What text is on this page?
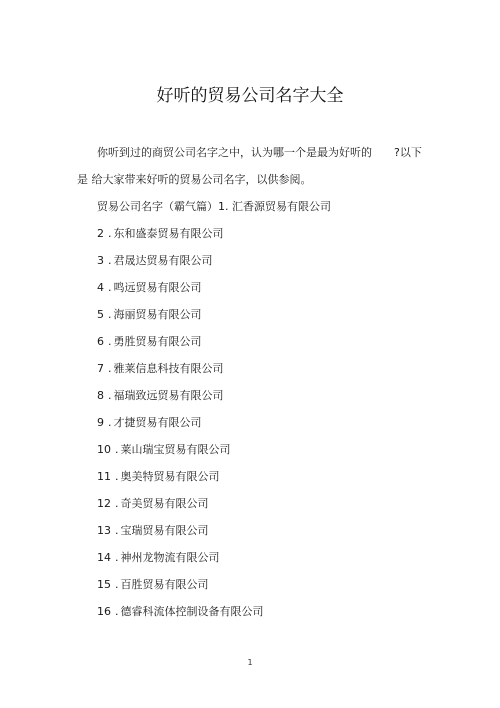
好听的贸易公司名字大全
你听到过的商贸公司名字之中，认为哪一个是最为好听的 ?以下
是 给大家带来好听的贸易公司名字，以供参阅。
贸易公司名字（霸气篇）1. 汇香源贸易有限公司
2 . 东和盛泰贸易有限公司
3 . 君晟达贸易有限公司
4 . 鸣远贸易有限公司
5 . 海丽贸易有限公司
6 . 勇胜贸易有限公司
7 . 雅莱信息科技有限公司
8 . 福瑞致远贸易有限公司
9 . 才捷贸易有限公司
10 . 莱山瑞宝贸易有限公司
11 . 奥美特贸易有限公司
12 . 奇美贸易有限公司
13 . 宝瑞贸易有限公司
14 . 神州龙物流有限公司
15 . 百胜贸易有限公司
16 . 德睿科流体控制设备有限公司
1
